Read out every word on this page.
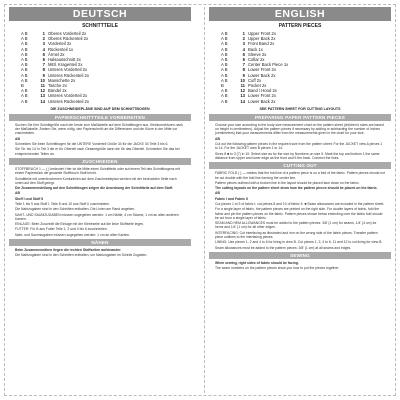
DEUTSCH
SCHNITTTEILE
A B	1 Oberes Vorderteil 2x
A B	2 Oberes Rückenteil 2x
A B	3 Vorderteil 2x
A B	4 Rückenteil 1x
A B	5 Ärmel 2x
A B	6 Halsausschnitt 2x
A B	7 Mittl. Kragenteil 2x
A B	8 Unteres Vorderteil 2x
A B	9 Unteres Rückenteil 2x
A B	10 Manschette 2x
B	11 Tasche 2x
A B	12 Bündel 2x
A B	13 Unteres Vorderteil 2x
A B	14 Unteres Rückenteil 2x
DIE ZUSCHNEIDEPLÄNE SIND AUF DEM SCHNITTBOGEN
PAPIERSCHNITTTEILE VORBEREITEN
Suchen Sie Ihre Schnittgröße nach der beste zum Maßtabelle auf dem Schnittbogen aus. Kleinkorrekturen nach der Maßtabelle. Ändern Sie, wenn nötig, den Papierschnitt um die Differenzen und die Kürze in der Mitte vor zuschneiden.
AB
Schneiden Sie beim Schnittbogen für die UNTERE Vorderteil Größe 34 für die JACKE 34 Teile 3 bis 6.
Sie 'Nr. bis 14' in Teil 3 die er für Oberteil nach Gesamtgröße dann die für das Oberteil. Schneiden Sie das bei entsprechenden Teilen an.
ZUSCHNEIDEN
STOFFBRUCH 1 — ( ) bedeutet: Hier ist die Mitte eines Schnittteils oder auf einem Teil des Schnittbogens mit einem Papierstück die gesamte Stoffbruch Stoff bricht.
Schnittteile mit unterbrochenen Konturlinien auf dem Zuschneideplan werden mit der bedruckten Seite nach unten auf den Stoff gelegt.
Die Zusammenstellung auf den Schnittbogen zeigen die Anordnung der Schnittteile auf dem Stoff.
AB
Stoff I und Stoff II
Teile 1 bis 9 aus Stoff I, Teile 8 und 10 aus Stoff II zuschneiden.
Die Nahtzugaben sind in den Schnitten enthalten. Die Linien am Rand angeben.
NAHT- UND SAUMZUGABEN müssen zugegeben werden: 1 cm Nähte, 4 cm Säume, 1 cm an allen anderen Kanten.
EINLAGE: Beim Zuschnitt die Einlage mit der Klebeseite auf die linke Stoffseite legen.
FUTTER: Für B aus Futter Teile 1, 2 und 4 bis 6 zuschneiden.
Naht- und Saumzugaben müssen zugegeben werden: 1 cm an allen Kanten.
NÄHEN
Beim Zusammennähen liegen die rechten Stoffseiten aufeinander.
Die Nahtzugaben sind in den Schnitten enthalten, um Nahtzugaben im Schnitt Zugaben.
ENGLISH
PATTERN PIECES
A B	1 Upper Front 2x
A B	2 Upper Back 2x
A B	3 Front Band 2x
A B	4 Back 1x
A B	5 Sleeve 2x
A B	6 Collar 2x
A B	7 Center Back Piece 1x
A B	8 Lower Front 2x
A B	9 Lower Back 2x
A B	10 Cuff 2x
B	11 Pocket 2x
A B	12 Band / Hood 2x
A B	13 Lower Front 2x
A B	14 Lower Back 2x
SEE PATTERN SHEET FOR CUTTING LAYOUTS
PREPARING PAPER PATTERN PIECES
Choose your size according to the body size measurement chart on the pattern sheet (children's sizes are based on height in centimeters). Adjust the pattern pieces if necessary by adding or subtracting the number of inches (centimeters) that your measurements differ from the measurements given in the chart for your size.
AB
Cut out the following pattern pieces in the required size from the pattern sheet: For the JACKET view A pieces 1 to 14. For the JACKET view B pieces 1 to 14.
Sizes 8 ■ to 3 (7) in 10: Select size as for the size by Numbers on size 5. Mark the top and bottom 1 the same distance from upper and lower edge as the front and 5 the back. Connect the lines.
CUTTING OUT
FABRIC FOLD ( ) — means that the fold line of a pattern piece is on a fold of the fabric. Pattern pieces should not be cut double with the fold line forming the center line.
Pattern pieces outlined with a broken line in the layout should be placed face down on the fabric.
The cutting layouts on the pattern sheet show how the pattern pieces should be placed on the fabric.
AB
Fabric I and Fabric II
Cut pieces 1 to 9 of fabric I; cut pieces 8 and 10 of fabric II. ■ Seam allowances are included in the pattern sheet.
For a single layer of fabric, the pattern pieces are printed on the right side. For double layers of fabric, fold the fabric and pin the pattern pieces on the fabric. Pattern pieces shown below extending over the fabric fold should be cut from a single layer of fabric.
SEAM AND HEM ALLOWANCES must be added to the pattern pieces: 3/8' (1 cm) for seams, 1/4' (4 cm) for hems and 1/4' (1 cm) for all other edges.
INTERFACING: Cut interfacing as illustrated and iron on the wrong side of the fabric pieces. Transfer pattern piece outlines to the interfacing pieces.
LINING: Use pieces 1, 2 and 4 to 6 for lining in view B. Cut pieces 1, 2, 4 to 6, 11 and 12 to cut lining for view B.
Seam allowances must be added to the pattern pieces: 3/8' (1 cm) at all seams and edges.
SEWING
When sewing, right sides of fabric should be facing.
The seam numbers on the pattern pieces show you how to put the pieces together.
